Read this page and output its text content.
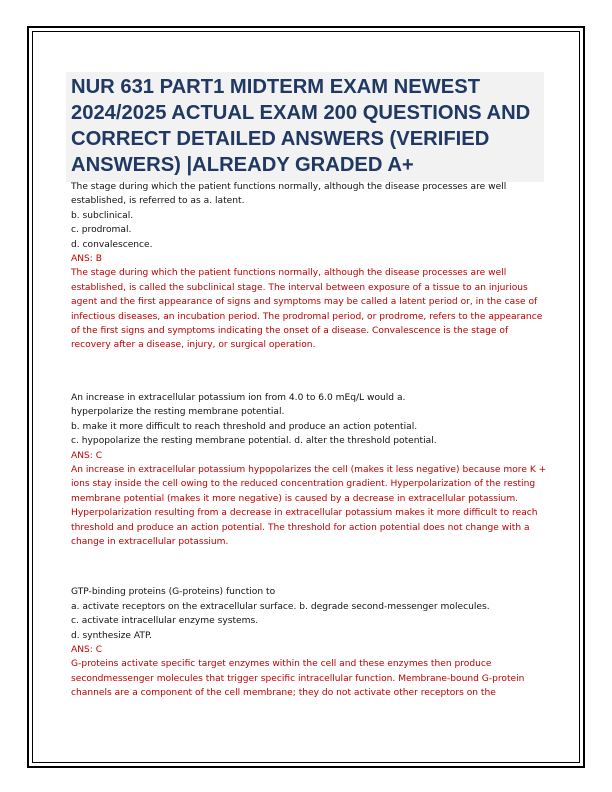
NUR 631 PART1 MIDTERM EXAM NEWEST 2024/2025 ACTUAL EXAM 200 QUESTIONS AND CORRECT DETAILED ANSWERS (VERIFIED ANSWERS) |ALREADY GRADED A+

The stage during which the patient functions normally, although the disease processes are well established, is referred to as a. latent.

b. subclinical.

c. prodromal.

d. convalescence.

ANS: B

The stage during which the patient functions normally, although the disease processes are well established, is called the subclinical stage. The interval between exposure of a tissue to an injurious agent and the first appearance of signs and symptoms may be called a latent period or, in the case of infectious diseases, an incubation period. The prodromal period, or prodrome, refers to the appearance of the first signs and symptoms indicating the onset of a disease. Convalescence is the stage of recovery after a disease, injury, or surgical operation.

An increase in extracellular potassium ion from 4.0 to 6.0 mEq/L would a.

hyperpolarize the resting membrane potential.

b. make it more difficult to reach threshold and produce an action potential.

c. hypopolarize the resting membrane potential. d. alter the threshold potential.

ANS: C

An increase in extracellular potassium hypopolarizes the cell (makes it less negative) because more K + ions stay inside the cell owing to the reduced concentration gradient. Hyperpolarization of the resting membrane potential (makes it more negative) is caused by a decrease in extracellular potassium. Hyperpolarization resulting from a decrease in extracellular potassium makes it more difficult to reach threshold and produce an action potential. The threshold for action potential does not change with a change in extracellular potassium.

GTP-binding proteins (G-proteins) function to

a. activate receptors on the extracellular surface. b. degrade second-messenger molecules.

c. activate intracellular enzyme systems.

d. synthesize ATP.

ANS: C

G-proteins activate specific target enzymes within the cell and these enzymes then produce secondmessenger molecules that trigger specific intracellular function. Membrane-bound G-protein channels are a component of the cell membrane; they do not activate other receptors on the
